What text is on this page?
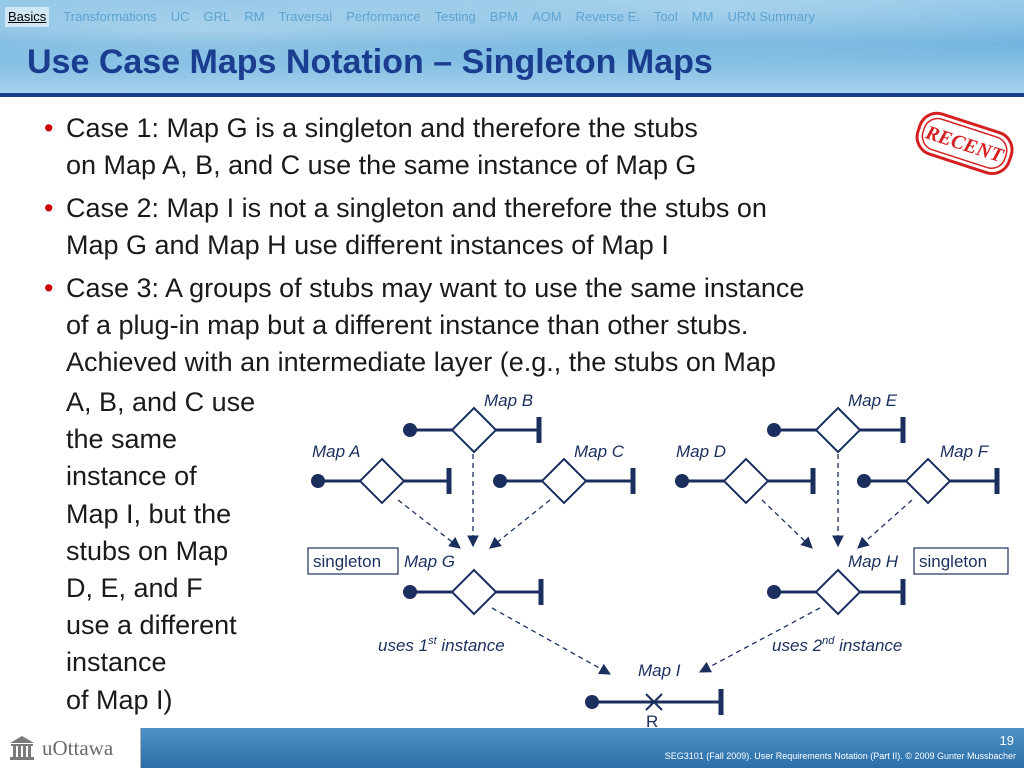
Basics Transformations UC GRL RM Traversal Performance Testing BPM AOM Reverse E. Tool MM URN Summary
Use Case Maps Notation – Singleton Maps
RECENT
• Case 1: Map G is a singleton and therefore the stubs
on Map A, B, and C use the same instance of Map G
• Case 2: Map I is not a singleton and therefore the stubs on
Map G and Map H use different instances of Map I
• Case 3: A groups of stubs may want to use the same instance
of a plug-in map but a different instance than other stubs.
Achieved with an intermediate layer (e.g., the stubs on Map
A, B, and C use
the same
instance of
Map I, but the
stubs on Map
D, E, and F
use a different
instance
of Map I)
Map B	Map E
Map A	Map C	Map D	Map F
singleton Map G	Map H singleton
uses 1st instance	uses 2nd instance
Map I
R
uOttawa	19
SEG3101 (Fall 2009). User Requirements Notation (Part II). © 2009 Gunter Mussbacher
